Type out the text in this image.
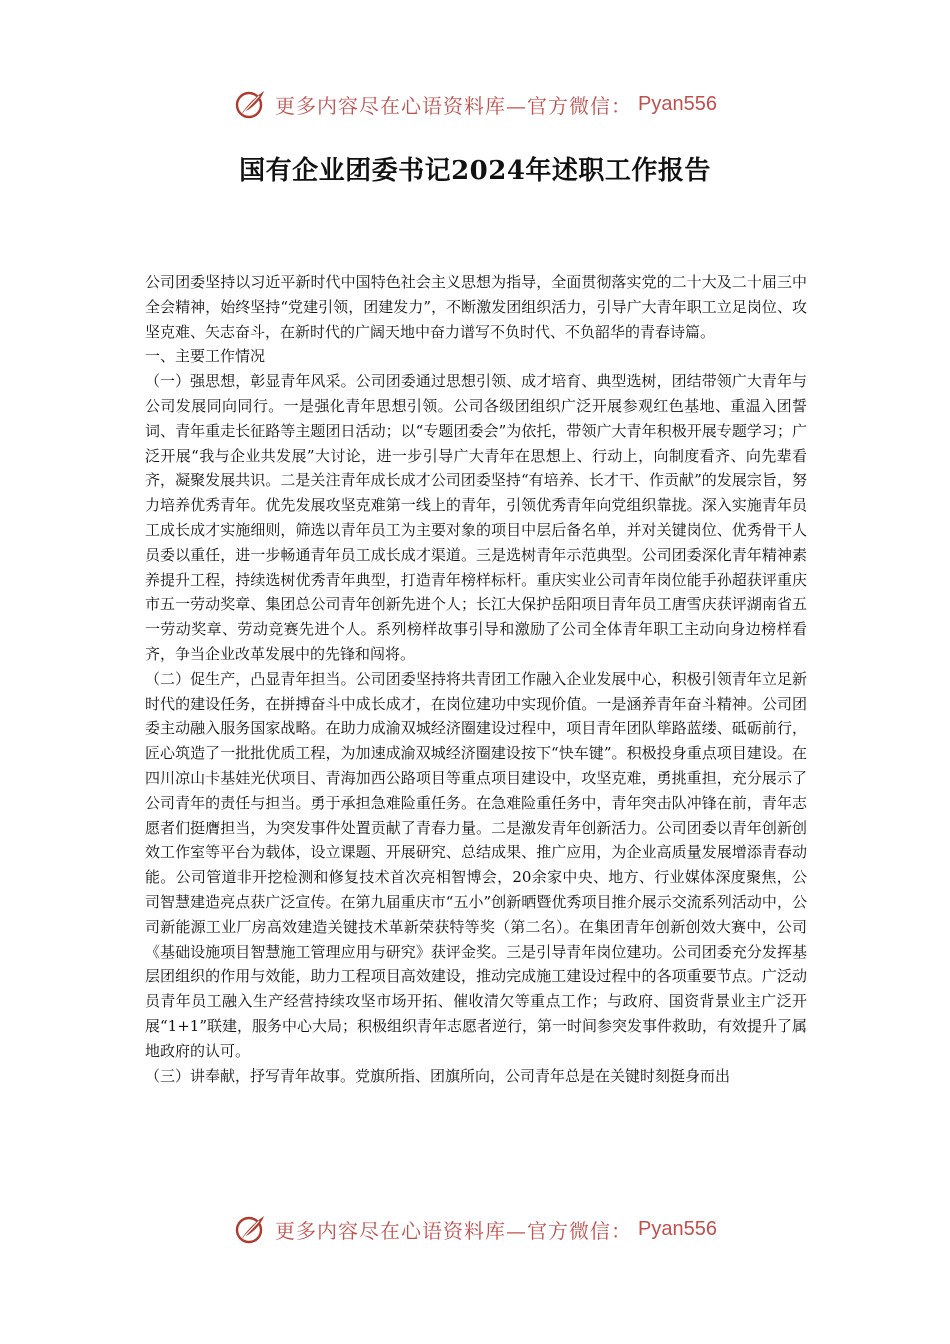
更多内容尽在心语资料库—官方微信： Pyan556
国有企业团委书记2024年述职工作报告

公司团委坚持以习近平新时代中国特色社会主义思想为指导，全面贯彻落实党的二十大及二十届三中全会精神，始终坚持“党建引领，团建发力”，不断激发团组织活力，引导广大青年职工立足岗位、攻坚克难、矢志奋斗，在新时代的广阔天地中奋力谱写不负时代、不负韶华的青春诗篇。

一、主要工作情况

（一）强思想，彰显青年风采。公司团委通过思想引领、成才培育、典型选树，团结带领广大青年与公司发展同向同行。一是强化青年思想引领。公司各级团组织广泛开展参观红色基地、重温入团誓词、青年重走长征路等主题团日活动；以“专题团委会”为依托，带领广大青年积极开展专题学习；广泛开展“我与企业共发展”大讨论，进一步引导广大青年在思想上、行动上，向制度看齐、向先辈看齐，凝聚发展共识。二是关注青年成长成才公司团委坚持“有培养、长才干、作贡献”的发展宗旨，努力培养优秀青年。优先发展攻坚克难第一线上的青年，引领优秀青年向党组织靠拢。深入实施青年员工成长成才实施细则，筛选以青年员工为主要对象的项目中层后备名单，并对关键岗位、优秀骨干人员委以重任，进一步畅通青年员工成长成才渠道。三是选树青年示范典型。公司团委深化青年精神素养提升工程，持续选树优秀青年典型，打造青年榜样标杆。重庆实业公司青年岗位能手孙超获评重庆市五一劳动奖章、集团总公司青年创新先进个人；长江大保护岳阳项目青年员工唐雪庆获评湖南省五一劳动奖章、劳动竞赛先进个人。系列榜样故事引导和激励了公司全体青年职工主动向身边榜样看齐，争当企业改革发展中的先锋和闯将。

（二）促生产，凸显青年担当。公司团委坚持将共青团工作融入企业发展中心，积极引领青年立足新时代的建设任务，在拼搏奋斗中成长成才，在岗位建功中实现价值。一是涵养青年奋斗精神。公司团委主动融入服务国家战略。在助力成渝双城经济圈建设过程中，项目青年团队筚路蓝缕、砥砺前行，匠心筑造了一批批优质工程，为加速成渝双城经济圈建设按下“快车键”。积极投身重点项目建设。在四川凉山卡基娃光伏项目、青海加西公路项目等重点项目建设中，攻坚克难，勇挑重担，充分展示了公司青年的责任与担当。勇于承担急难险重任务。在急难险重任务中，青年突击队冲锋在前，青年志愿者们挺膺担当，为突发事件处置贡献了青春力量。二是激发青年创新活力。公司团委以青年创新创效工作室等平台为载体，设立课题、开展研究、总结成果、推广应用，为企业高质量发展增添青春动能。公司管道非开挖检测和修复技术首次亮相智博会，20余家中央、地方、行业媒体深度聚焦，公司智慧建造亮点获广泛宣传。在第九届重庆市“五小”创新晒暨优秀项目推介展示交流系列活动中，公司新能源工业厂房高效建造关键技术革新荣获特等奖（第二名）。在集团青年创新创效大赛中，公司《基础设施项目智慧施工管理应用与研究》获评金奖。三是引导青年岗位建功。公司团委充分发挥基层团组织的作用与效能，助力工程项目高效建设，推动完成施工建设过程中的各项重要节点。广泛动员青年员工融入生产经营持续攻坚市场开拓、催收清欠等重点工作；与政府、国资背景业主广泛开展“1+1”联建，服务中心大局；积极组织青年志愿者逆行，第一时间参突发事件救助，有效提升了属地政府的认可。

（三）讲奉献，抒写青年故事。党旗所指、团旗所向，公司青年总是在关键时刻挺身而出

更多内容尽在心语资料库—官方微信： Pyan556
